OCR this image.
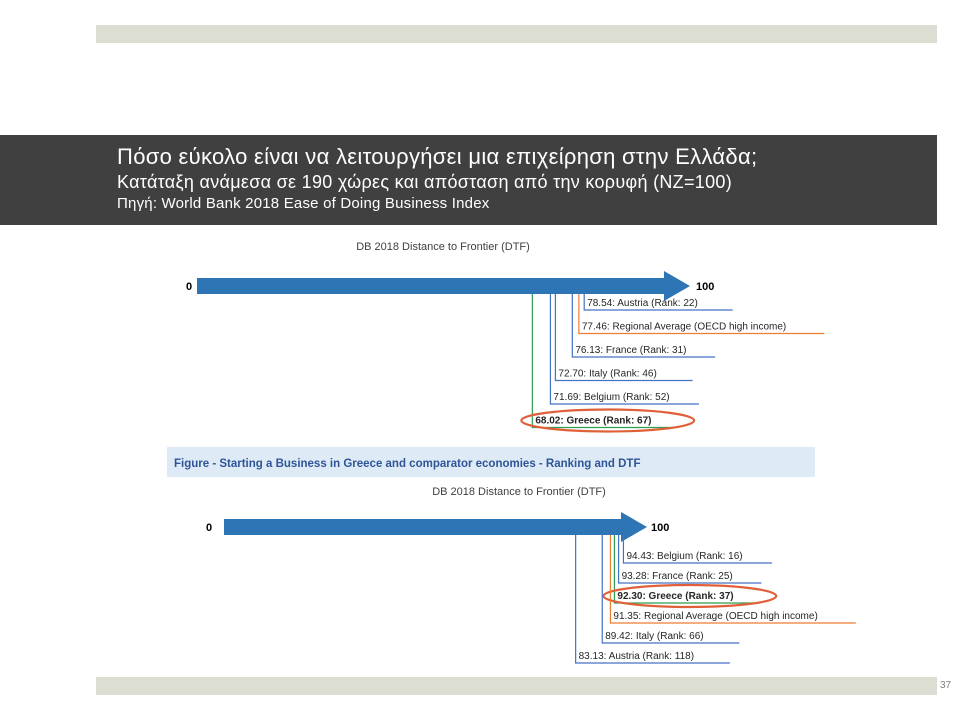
Πόσο εύκολο είναι να λειτουργήσει μια επιχείρηση στην Ελλάδα;
Κατάταξη ανάμεσα σε 190 χώρες και απόσταση από την κορυφή (NZ=100)
Πηγή: World Bank 2018 Ease of Doing Business Index
Figure - Starting a Business in Greece and comparator economies - Ranking and DTF
DB 2018 Distance to Frontier (DTF)
0	100
78.54: Austria (Rank: 22)
77.46: Regional Average (OECD high income)
76.13: France (Rank: 31)
72.70: Italy (Rank: 46)
71.69: Belgium (Rank: 52)
68.02: Greece (Rank: 67)
DB 2018 Distance to Frontier (DTF)
0	100
94.43: Belgium (Rank: 16)
93.28: France (Rank: 25)
92.30: Greece (Rank: 37)
91.35: Regional Average (OECD high income)
89.42: Italy (Rank: 66)
83.13: Austria (Rank: 118)
37
